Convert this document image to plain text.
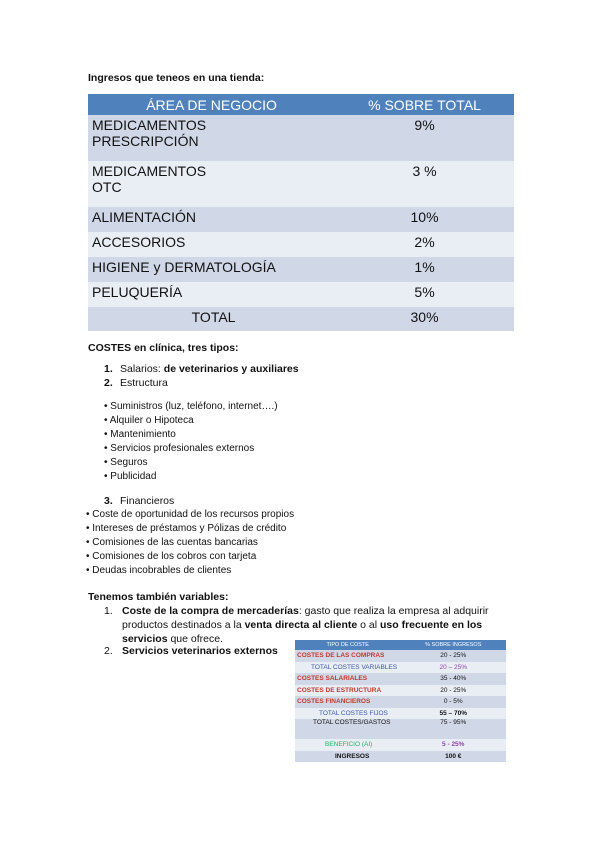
Ingresos que teneos en una tienda:
ÁREA DE NEGOCIO	% SOBRE TOTAL

MEDICAMENTOS
PRESCRIPCIÓN	9%

MEDICAMENTOS
OTC	3 %
ALIMENTACIÓN	10%
ACCESORIOS	2%
HIGIENE y DERMATOLOGÍA	1%
PELUQUERÍA	5%
TOTAL	30%
COSTES en clínica, tres tipos:
1. Salarios: de veterinarios y auxiliares
2. Estructura
• Suministros (luz, teléfono, internet….)
• Alquiler o Hipoteca
• Mantenimiento
• Servicios profesionales externos
• Seguros
• Publicidad
3. Financieros
• Coste de oportunidad de los recursos propios
• Intereses de préstamos y Pólizas de crédito
• Comisiones de las cuentas bancarias
• Comisiones de los cobros con tarjeta
• Deudas incobrables de clientes
Tenemos también variables:
1. Coste de la compra de mercaderías: gasto que realiza la empresa al adquirir
productos destinados a la venta directa al cliente o al uso frecuente en los
servicios que ofrece.
2. Servicios veterinarios externos	TIPO DE COSTE	% SOBRE INGRESOS
COSTES DE LAS COMPRAS	20 - 25%
TOTAL COSTES VARIABLES	20 – 25%
COSTES SALARIALES	35 - 40%
COSTES DE ESTRUCTURA	20 - 25%
COSTES FINANCIEROS	0 - 5%
TOTAL COSTES FIJOS	55 – 70%
TOTAL COSTES/GASTOS	75 - 95%
BENEFICIO (AI)	5 - 25%
INGRESOS	100 €
